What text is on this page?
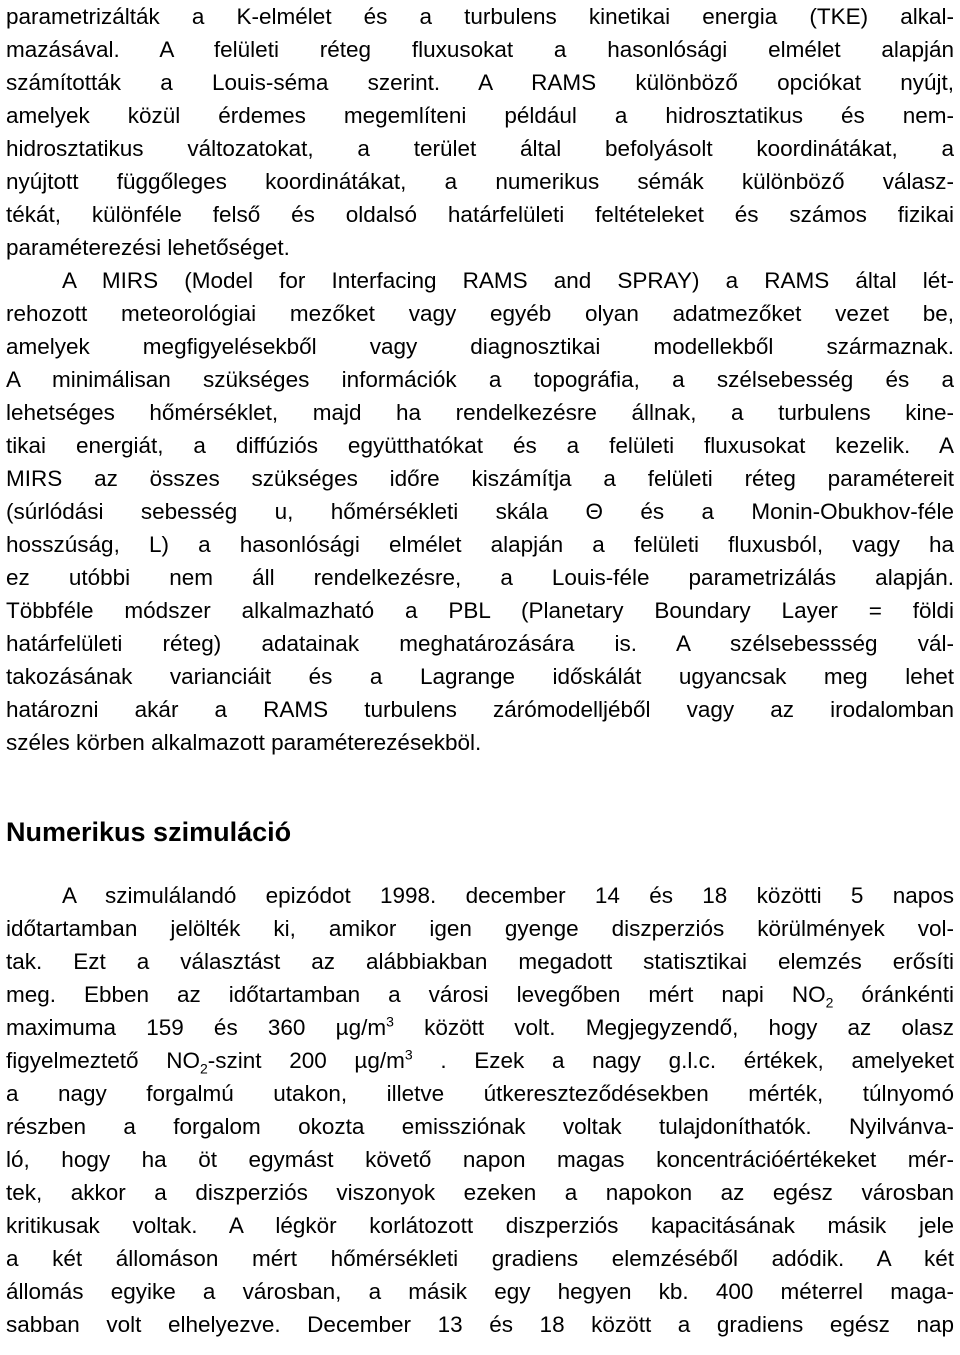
parametrizálták a K-elmélet és a turbulens kinetikai energia (TKE) alkal-
mazásával. A felületi réteg fluxusokat a hasonlósági elmélet alapján
számították a Louis-séma szerint. A RAMS különböző opciókat nyújt,
amelyek közül érdemes megemlíteni például a hidrosztatikus és nem-
hidrosztatikus változatokat, a terület által befolyásolt koordinátákat, a
nyújtott függőleges koordinátákat, a numerikus sémák különböző válasz-
tékát, különféle felső és oldalsó határfelületi feltételeket és számos fizikai
paraméterezési lehetőséget.
A MIRS (Model for Interfacing RAMS and SPRAY) a RAMS által lét-
rehozott meteorológiai mezőket vagy egyéb olyan adatmezőket vezet be,
amelyek megfigyelésekből vagy diagnosztikai modellekből származnak.
A minimálisan szükséges információk a topográfia, a szélsebesség és a
lehetséges hőmérséklet, majd ha rendelkezésre állnak, a turbulens kine-
tikai energiát, a diffúziós együtthatókat és a felületi fluxusokat kezelik. A
MIRS az összes szükséges időre kiszámítja a felületi réteg paramétereit
(súrlódási sebesség u, hőmérsékleti skála Θ és a Monin-Obukhov-féle
hosszúság, L) a hasonlósági elmélet alapján a felületi fluxusból, vagy ha
ez utóbbi nem áll rendelkezésre, a Louis-féle parametrizálás alapján.
Többféle módszer alkalmazható a PBL (Planetary Boundary Layer = földi
határfelületi réteg) adatainak meghatározására is. A szélsebessség vál-
takozásának varianciáit és a Lagrange időskálát ugyancsak meg lehet
határozni akár a RAMS turbulens zárómodelljéből vagy az irodalomban
széles körben alkalmazott paraméterezésekböl.
Numerikus szimuláció
A szimulálandó epizódot 1998. december 14 és 18 közötti 5 napos
időtartamban jelölték ki, amikor igen gyenge diszperziós körülmények vol-
tak. Ezt a választást az alábbiakban megadott statisztikai elemzés erősíti
meg. Ebben az időtartamban a városi levegőben mért napi $NO_2$ óránkénti
maximuma 159 és 360 $\mu g/m^3$ között volt. Megjegyzendő, hogy az olasz
figyelmeztető $NO_2$-szint 200 $\mu g/m^3$ . Ezek a nagy g.l.c. értékek, amelyeket
a nagy forgalmú utakon, illetve útkereszteződésekben mérték, túlnyomó
részben a forgalom okozta emissziónak voltak tulajdoníthatók. Nyilvánva-
ló, hogy ha öt egymást követő napon magas koncentrációértékeket mér-
tek, akkor a diszperziós viszonyok ezeken a napokon az egész városban
kritikusak voltak. A légkör korlátozott diszperziós kapacitásának másik jele
a két állomáson mért hőmérsékleti gradiens elemzéséből adódik. A két
állomás egyike a városban, a másik egy hegyen kb. 400 méterrel maga-
sabban volt elhelyezve. December 13 és 18 között a gradiens egész nap
